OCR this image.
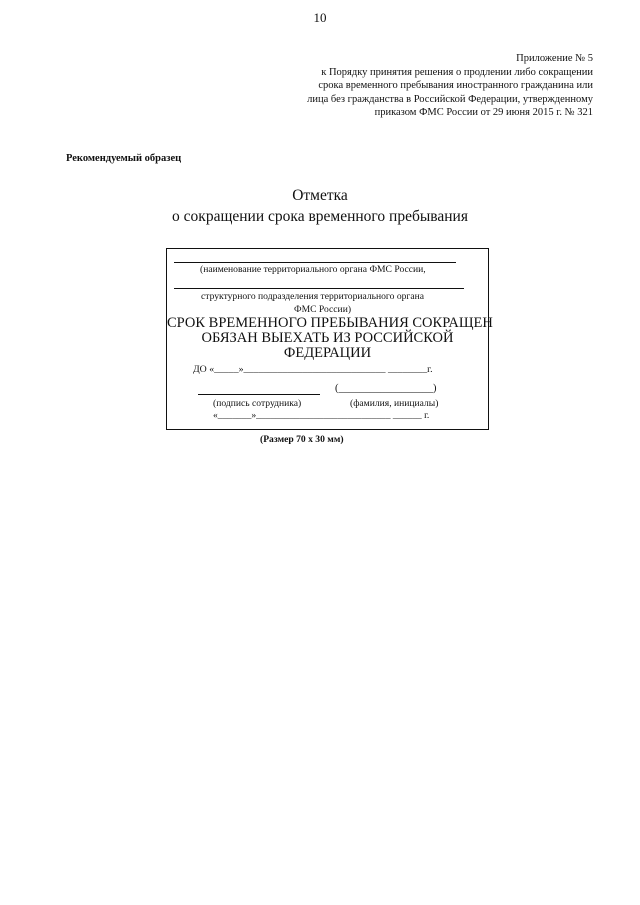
10
Приложение № 5
к Порядку принятия решения о продлении либо сокращении
срока временного пребывания иностранного гражданина или
лица без гражданства в Российской Федерации, утвержденному
приказом ФМС России от 29 июня 2015 г. № 321
Рекомендуемый образец
Отметка
о сокращении срока временного пребывания
(наименование территориального органа ФМС России,
структурного подразделения территориального органа
ФМС России)
СРОК ВРЕМЕННОГО ПРЕБЫВАНИЯ СОКРАЩЕН
ОБЯЗАН ВЫЕХАТЬ ИЗ РОССИЙСКОЙ
ФЕДЕРАЦИИ
ДО «_____»_____________________________ ________г.
(__________________)
(подпись сотрудника)	(фамилия, инициалы)
«_______»____________________________ ______ г.
(Размер 70 х 30 мм)
